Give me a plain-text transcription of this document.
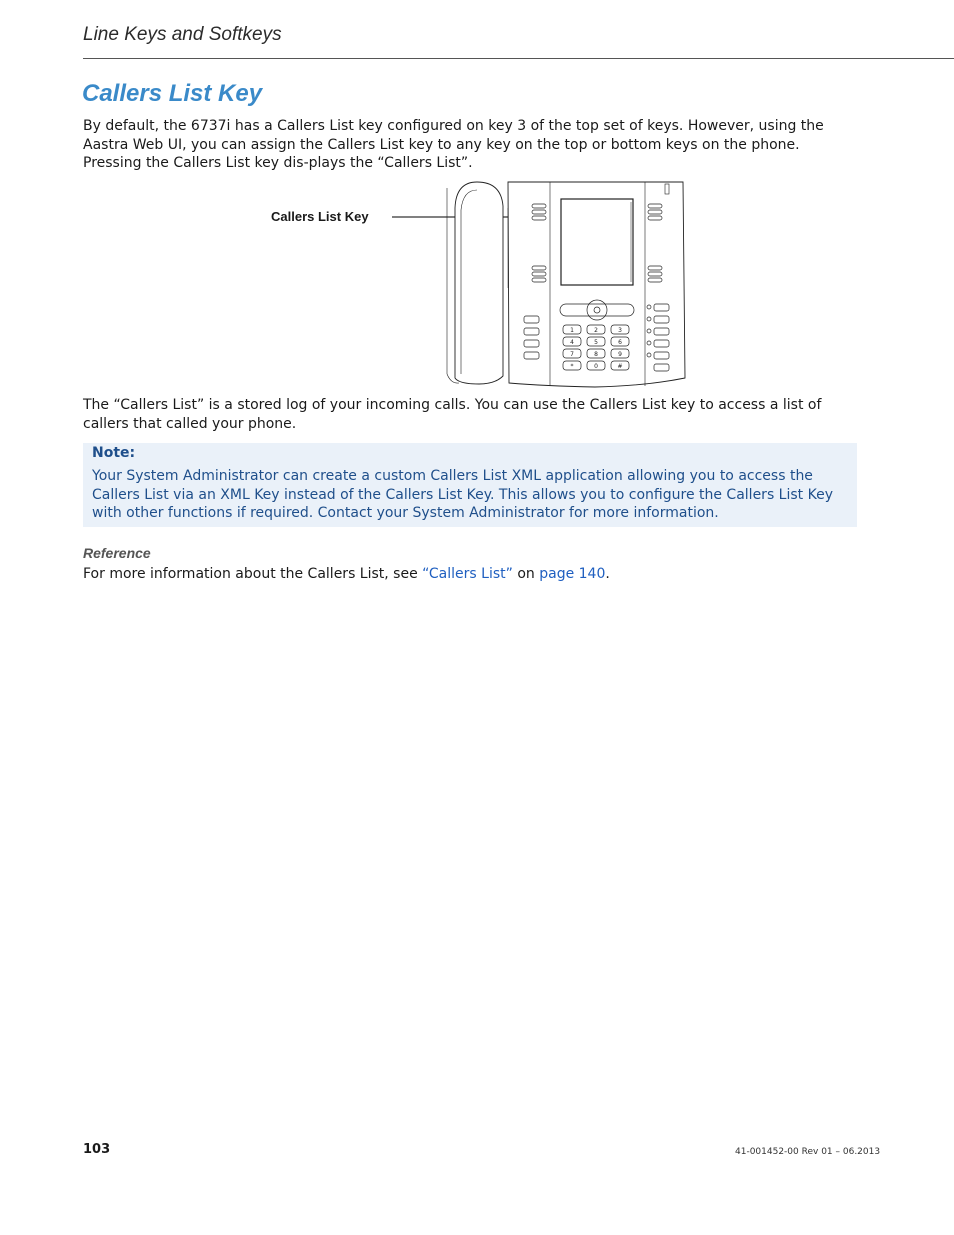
Line Keys and Softkeys
Callers List Key

By default, the 6737i has a Callers List key configured on key 3 of the top set of keys. However, using the Aastra Web UI, you can assign the Callers List key to any key on the top or bottom keys on the phone. Pressing the Callers List key dis-plays the “Callers List”.

Callers List Key
1	2	3
4	5	6
7	8	9
*	0	#

The “Callers List” is a stored log of your incoming calls. You can use the Callers List key to access a list of callers that called your phone.

Note:

Your System Administrator can create a custom Callers List XML application allowing you to access the Callers List via an XML Key instead of the Callers List Key. This allows you to configure the Callers List Key with other functions if required. Contact your System Administrator for more information.

Reference
For more information about the Callers List, see “Callers List” on page 140.
103	41-001452-00 Rev 01 – 06.2013
